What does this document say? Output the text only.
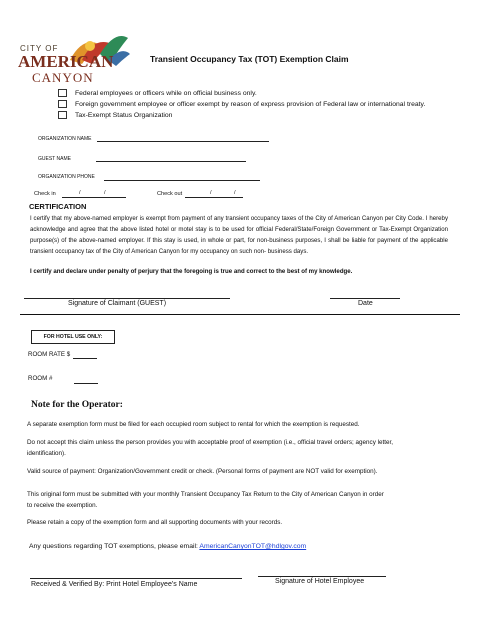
CITY OF
AMERICAN
CANYON
Transient Occupancy Tax (TOT) Exemption Claim
Federal employees or officers while on official business only.
Foreign government employee or officer exempt by reason of express provision of Federal law or international treaty.
Tax-Exempt Status Organization
ORGANIZATION NAME
GUEST NAME
ORGANIZATION PHONE
Check in	/	/	Check out	/	/
CERTIFICATION
I certify that my above-named employer is exempt from payment of any transient occupancy taxes of the City of American Canyon per City Code. I hereby acknowledge and agree that the above listed hotel or motel stay is to be used for official Federal/State/Foreign Government or Tax-Exempt Organization purpose(s) of the above-named employer. If this stay is used, in whole or part, for non-business purposes, I shall be liable for payment of the applicable transient occupancy tax of the City of American Canyon for my occupancy on such non- business days.
I certify and declare under penalty of perjury that the foregoing is true and correct to the best of my knowledge.
Signature of Claimant (GUEST)	Date
FOR HOTEL USE ONLY:
ROOM RATE $
ROOM #
Note for the Operator:
A separate exemption form must be filed for each occupied room subject to rental for which the exemption is requested.
Do not accept this claim unless the person provides you with acceptable proof of exemption (i.e., official travel orders; agency letter, identification).
Valid source of payment: Organization/Government credit or check. (Personal forms of payment are NOT valid for exemption).
This original form must be submitted with your monthly Transient Occupancy Tax Return to the City of American Canyon in order
to receive the exemption.
Please retain a copy of the exemption form and all supporting documents with your records.
Any questions regarding TOT exemptions, please email: AmericanCanyonTOT@hdlgov.com
Received & Verified By: Print Hotel Employee’s Name	Signature of Hotel Employee
